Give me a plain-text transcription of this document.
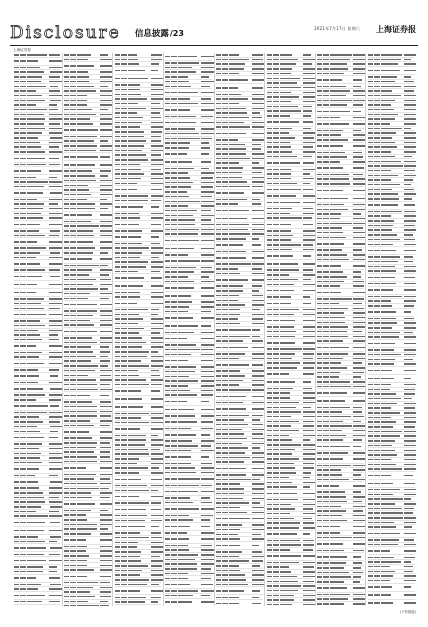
Disclosure 信息披露 /23	2021年7月17日 星期六 上海证券报
上海证券报
(下转续版)
